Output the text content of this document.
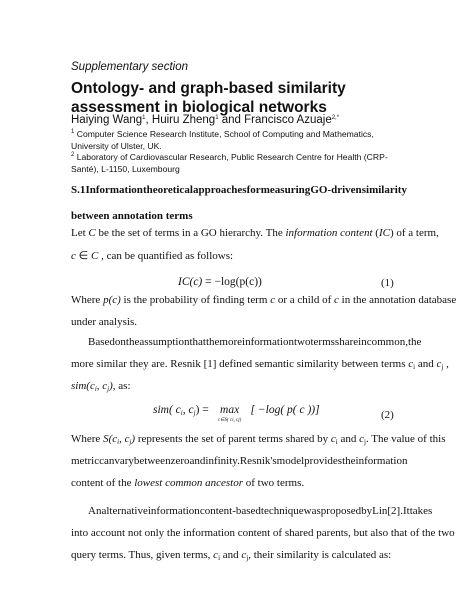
Supplementary section
Ontology- and graph-based similarity assessment in biological networks
Haiying Wang$^1$, Huiru Zheng$^1$ and Francisco Azuaje$^{2,*}$
$^1$ Computer Science Research Institute, School of Computing and Mathematics, University of Ulster, UK.
$^2$ Laboratory of Cardiovascular Research, Public Research Centre for Health (CRP-Santé), L-1150, Luxembourg
S.1 Information theoretical approaches for measuring GO-driven similarity
between annotation terms
Let C be the set of terms in a GO hierarchy. The information content (IC) of a term,
c ∈ C , can be quantified as follows:
IC(c) = −log(p(c))	(1)
Where p(c) is the probability of finding term c or a child of c in the annotation database
under analysis.
Based on the assumption that the more information two terms share in common, the
more similar they are. Resnik [1] defined semantic similarity between terms $c_i$ and $c_j$ ,
$sim(c_i$, $c_j$), as:
sim( $c_i$, $c_j) = \max$
c∈S( ci, cj)
[ −log( p( c ))]	(2)
Where $S(c_i$, $c_j$) represents the set of parent terms shared by $c_i$ and $c_j$. The value of this
metric can vary between zero and infinity. Resnik's model provides the information
content of the lowest common ancestor of two terms.
An alternative information content-based technique was proposed by Lin [2]. It takes
into account not only the information content of shared parents, but also that of the two
query terms. Thus, given terms, $c_i$ and $c_j$, their similarity is calculated as:
